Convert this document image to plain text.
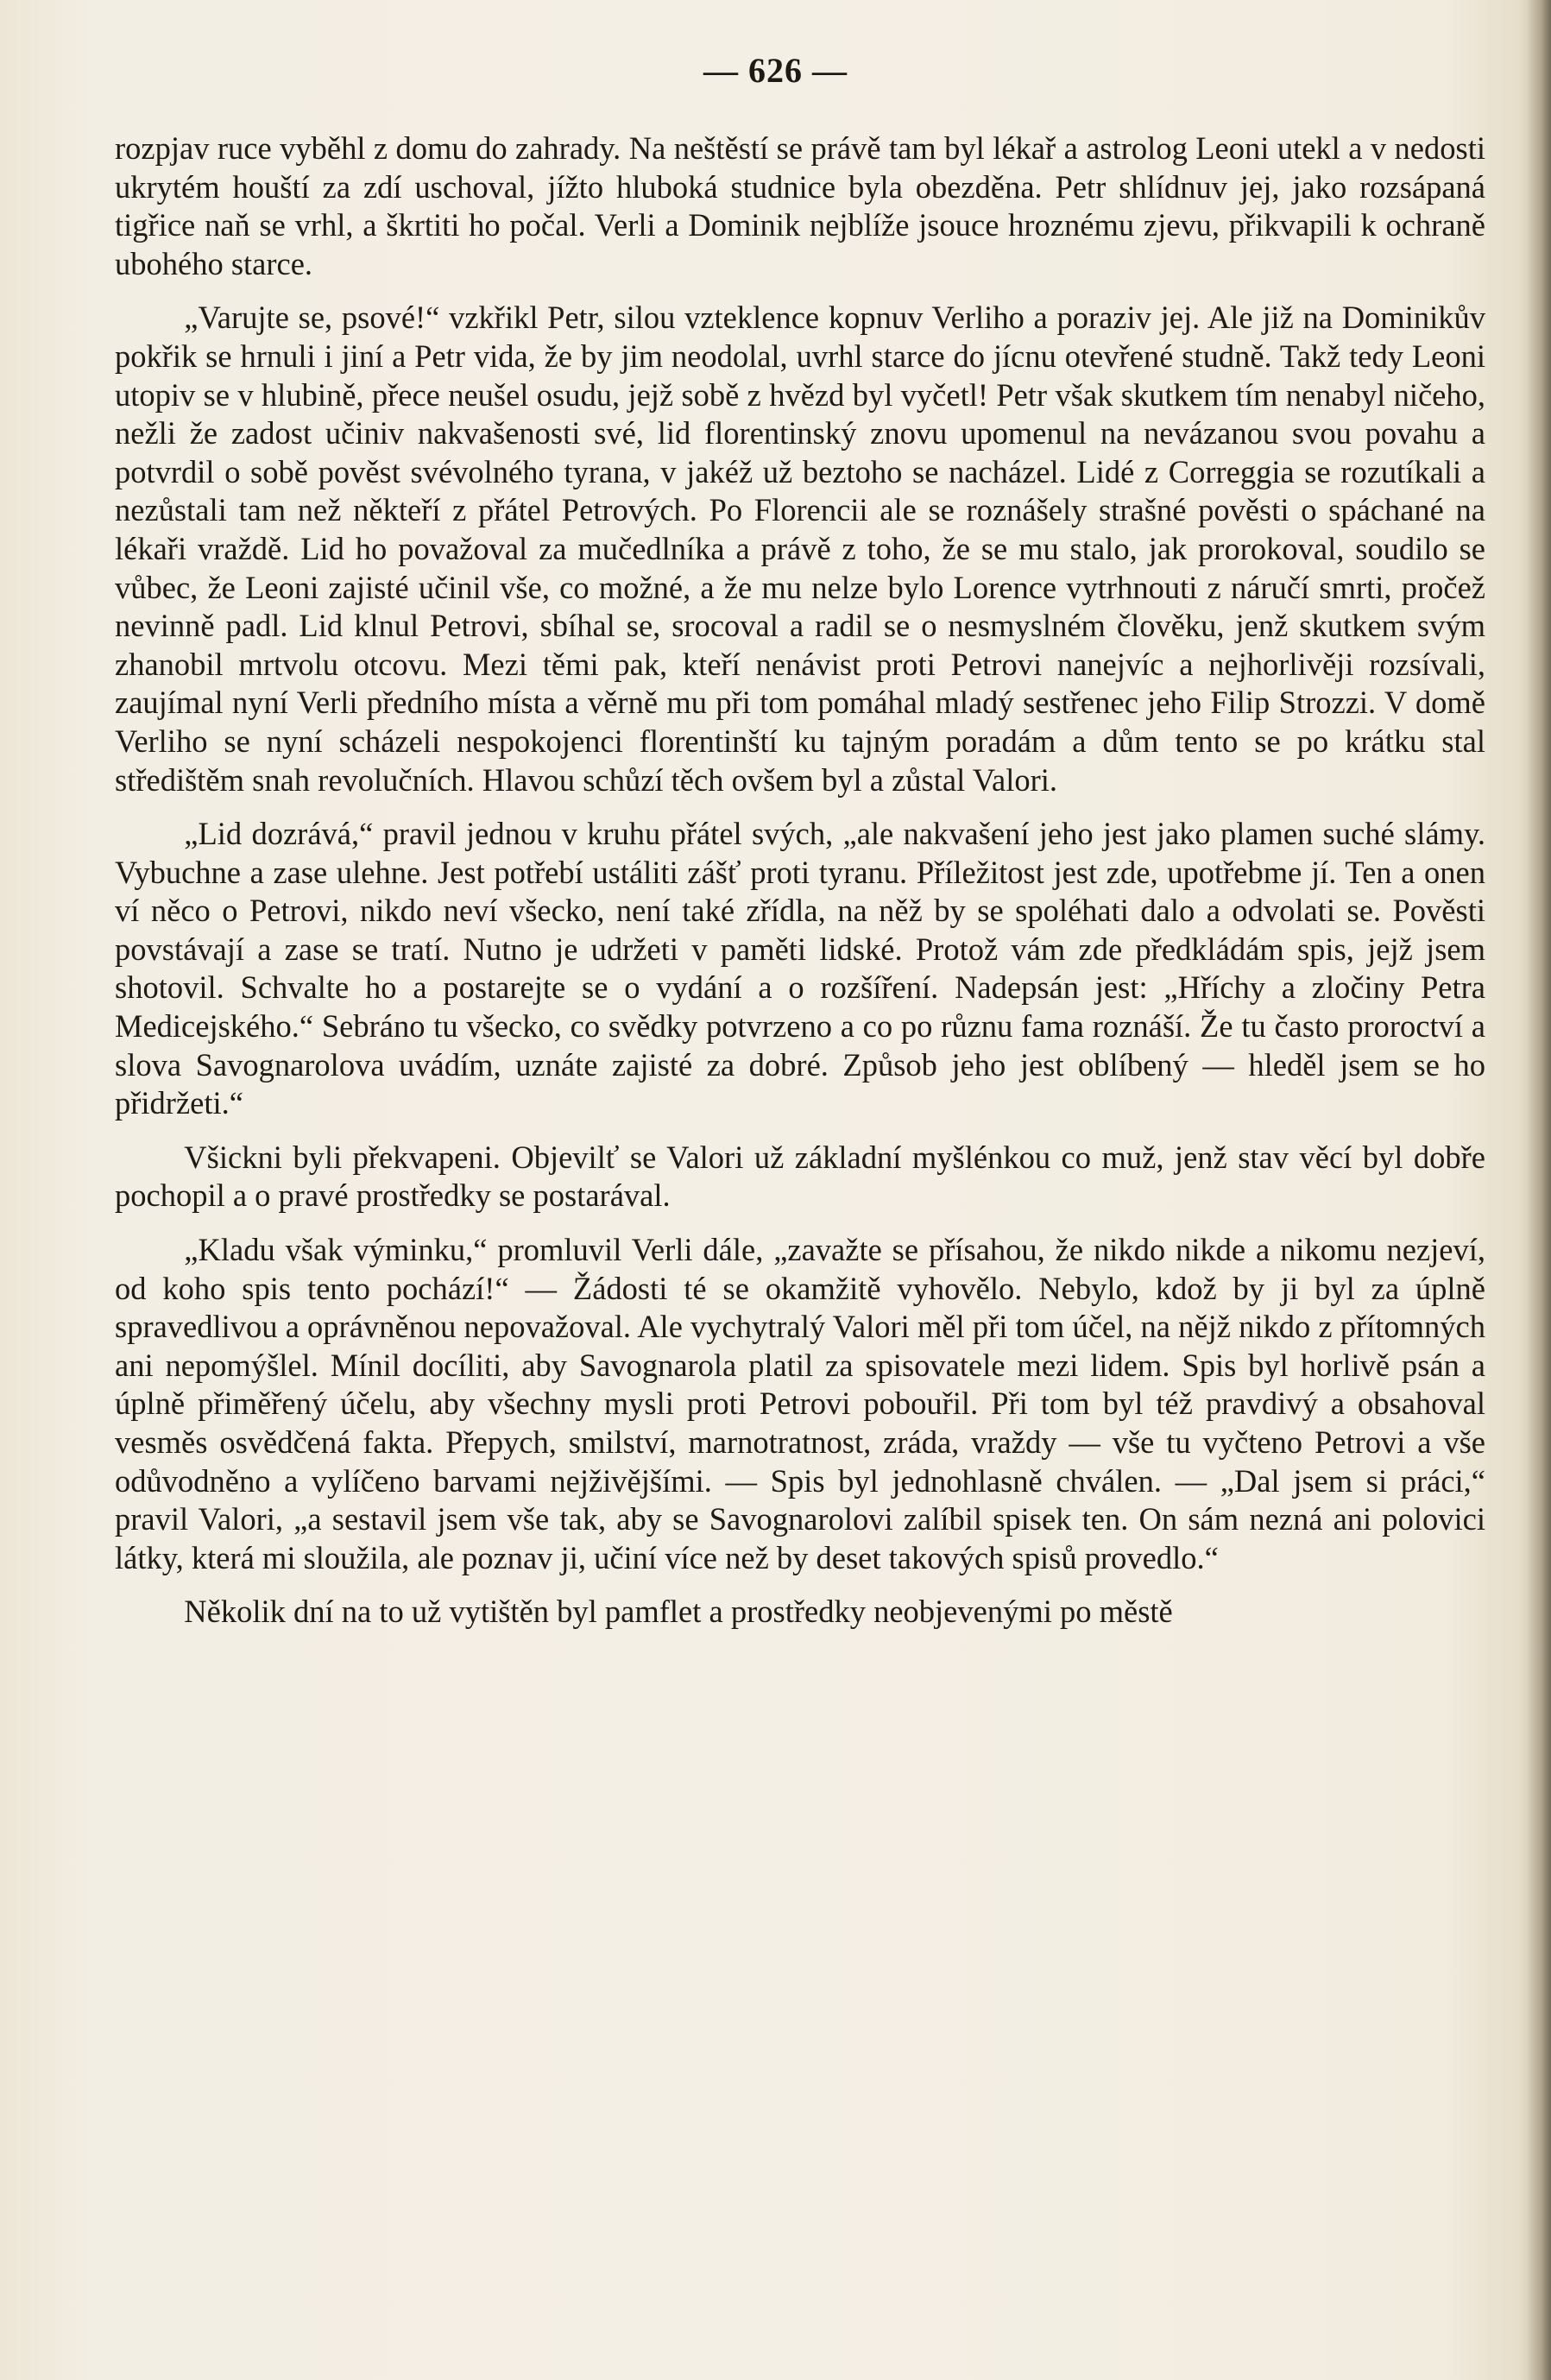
— 626 —

rozpjav ruce vyběhl z domu do zahrady. Na neštěstí se právě tam byl lékař a astrolog Leoni utekl a v nedosti ukrytém houští za zdí uschoval, jížto hluboká studnice byla obezděna. Petr shlídnuv jej, jako rozsápaná tigřice naň se vrhl, a škrtiti ho počal. Verli a Dominik nejblíže jsouce hroznému zjevu, přikvapili k ochraně ubohého starce.

„Varujte se, psové!“ vzkřikl Petr, silou vzteklence kopnuv Verliho a poraziv jej. Ale již na Dominikův pokřik se hrnuli i jiní a Petr vida, že by jim neodolal, uvrhl starce do jícnu otevřené studně. Takž tedy Leoni utopiv se v hlubině, přece neušel osudu, jejž sobě z hvězd byl vyčetl! Petr však skutkem tím nenabyl ničeho, nežli že zadost učiniv nakvašenosti své, lid florentinský znovu upomenul na nevázanou svou povahu a potvrdil o sobě pověst svévolného tyrana, v jakéž už beztoho se nacházel. Lidé z Correggia se rozutíkali a nezůstali tam než někteří z přátel Petrových. Po Florencii ale se roznášely strašné pověsti o spáchané na lékaři vraždě. Lid ho považoval za mučedlníka a právě z toho, že se mu stalo, jak prorokoval, soudilo se vůbec, že Leoni zajisté učinil vše, co možné, a že mu nelze bylo Lorence vytrhnouti z náručí smrti, pročež nevinně padl. Lid klnul Petrovi, sbíhal se, srocoval a radil se o nesmyslném člověku, jenž skutkem svým zhanobil mrtvolu otcovu. Mezi těmi pak, kteří nenávist proti Petrovi nanejvíc a nejhorlivěji rozsívali, zaujímal nyní Verli předního místa a věrně mu při tom pomáhal mladý sestřenec jeho Filip Strozzi. V domě Verliho se nyní scházeli nespokojenci florentinští ku tajným poradám a dům tento se po krátku stal středištěm snah revolučních. Hlavou schůzí těch ovšem byl a zůstal Valori.

„Lid dozrává,“ pravil jednou v kruhu přátel svých, „ale nakvašení jeho jest jako plamen suché slámy. Vybuchne a zase ulehne. Jest potřebí ustáliti zášť proti tyranu. Příležitost jest zde, upotřebme jí. Ten a onen ví něco o Petrovi, nikdo neví všecko, není také zřídla, na něž by se spoléhati dalo a odvolati se. Pověsti povstávají a zase se tratí. Nutno je udržeti v paměti lidské. Protož vám zde předkládám spis, jejž jsem shotovil. Schvalte ho a postarejte se o vydání a o rozšíření. Nadepsán jest: „Hříchy a zločiny Petra Medicejského.“ Sebráno tu všecko, co svědky potvrzeno a co po různu fama roznáší. Že tu často proroctví a slova Savognarolova uvádím, uznáte zajisté za dobré. Způsob jeho jest oblíbený — hleděl jsem se ho přidržeti.“

Všickni byli překvapeni. Objevilť se Valori už základní myšlénkou co muž, jenž stav věcí byl dobře pochopil a o pravé prostředky se postarával.

„Kladu však výminku,“ promluvil Verli dále, „zavažte se přísahou, že nikdo nikde a nikomu nezjeví, od koho spis tento pochází!“ — Žádosti té se okamžitě vyhovělo. Nebylo, kdož by ji byl za úplně spravedlivou a oprávněnou nepovažoval. Ale vychytralý Valori měl při tom účel, na nějž nikdo z přítomných ani nepomýšlel. Mínil docíliti, aby Savognarola platil za spisovatele mezi lidem. Spis byl horlivě psán a úplně přiměřený účelu, aby všechny mysli proti Petrovi pobouřil. Při tom byl též pravdivý a obsahoval vesměs osvědčená fakta. Přepych, smilství, marnotratnost, zráda, vraždy — vše tu vyčteno Petrovi a vše odůvodněno a vylíčeno barvami nejživějšími. — Spis byl jednohlasně chválen. — „Dal jsem si práci,“ pravil Valori, „a sestavil jsem vše tak, aby se Savognarolovi zalíbil spisek ten. On sám nezná ani polovici látky, která mi sloužila, ale poznav ji, učiní více než by deset takových spisů provedlo.“

Několik dní na to už vytištěn byl pamflet a prostředky neobjevenými po městě
